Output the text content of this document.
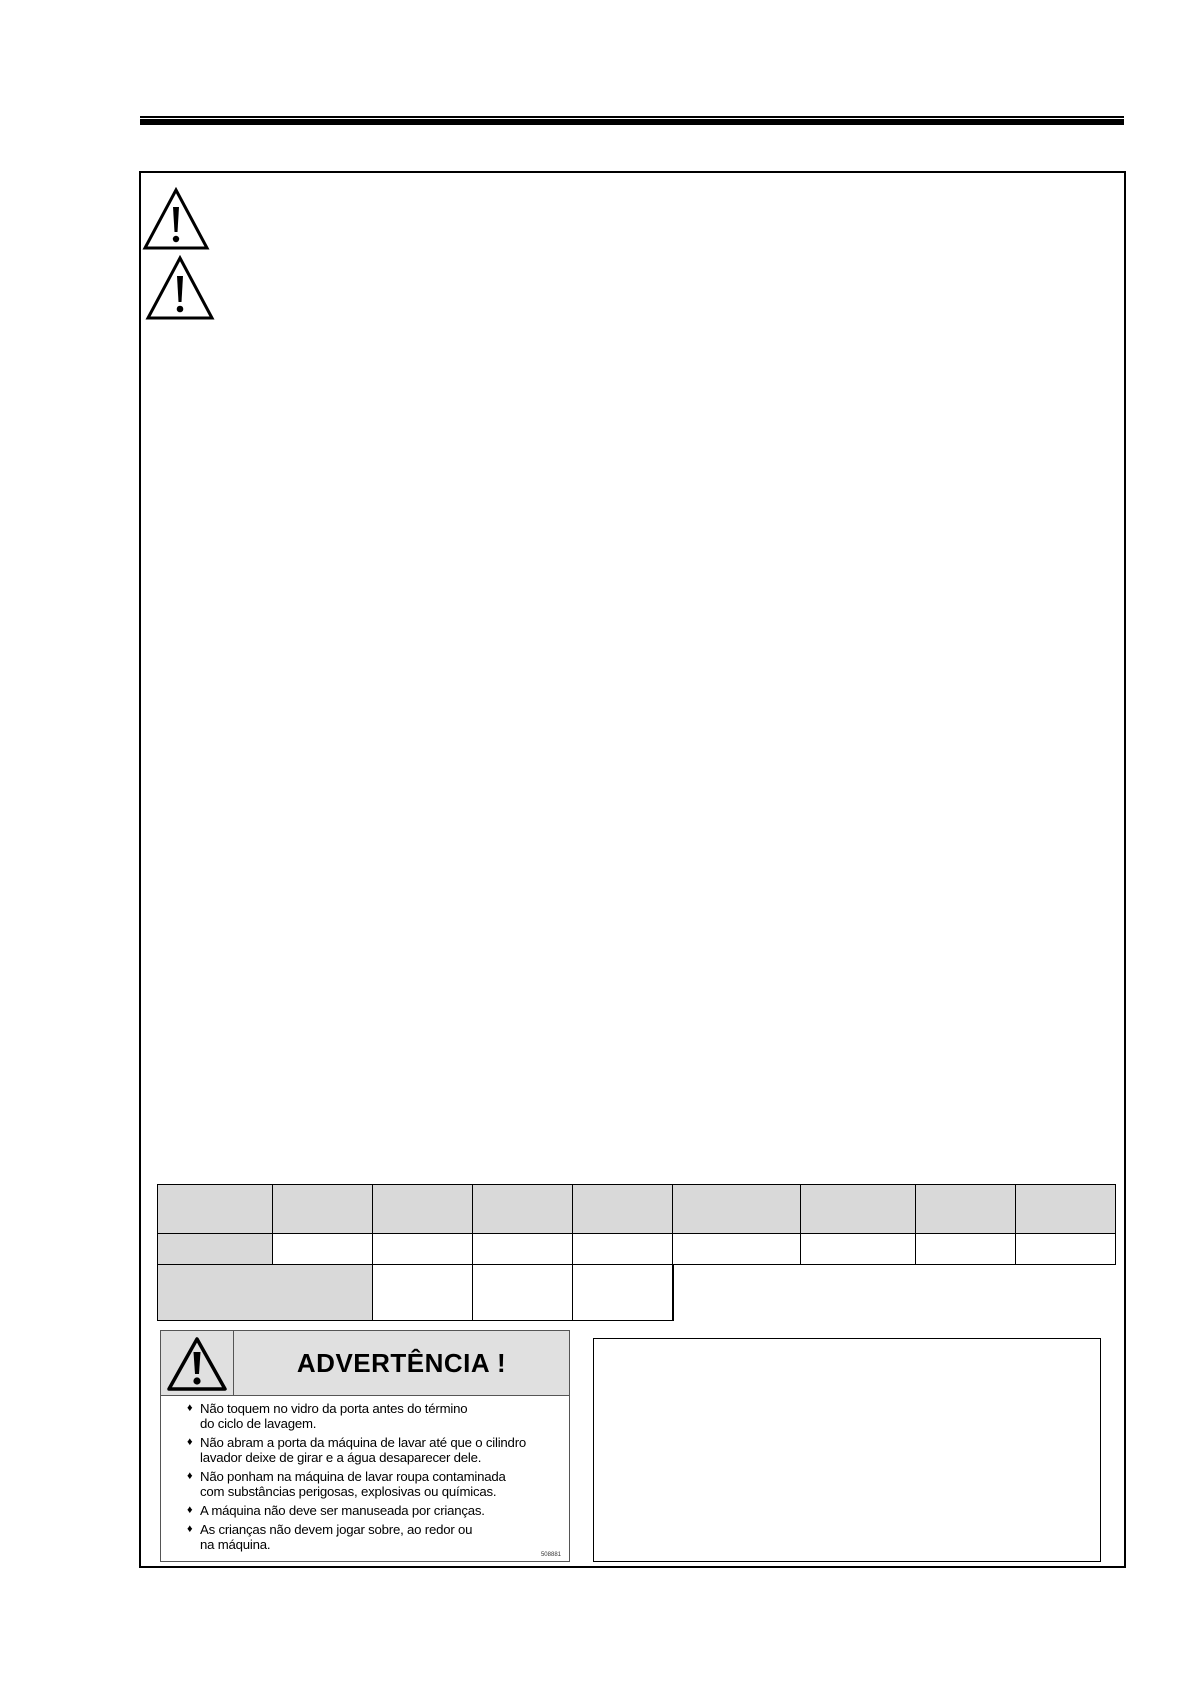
ADVERTÊNCIA !
♦ Não toquem no vidro da porta antes do término
do ciclo de lavagem.
♦ Não abram a porta da máquina de lavar até que o cilindro
lavador deixe de girar e a água desaparecer dele.
♦ Não ponham na máquina de lavar roupa contaminada
com substâncias perigosas, explosivas ou químicas.
♦ A máquina não deve ser manuseada por crianças.
♦ As crianças não devem jogar sobre, ao redor ou
na máquina.
508881
